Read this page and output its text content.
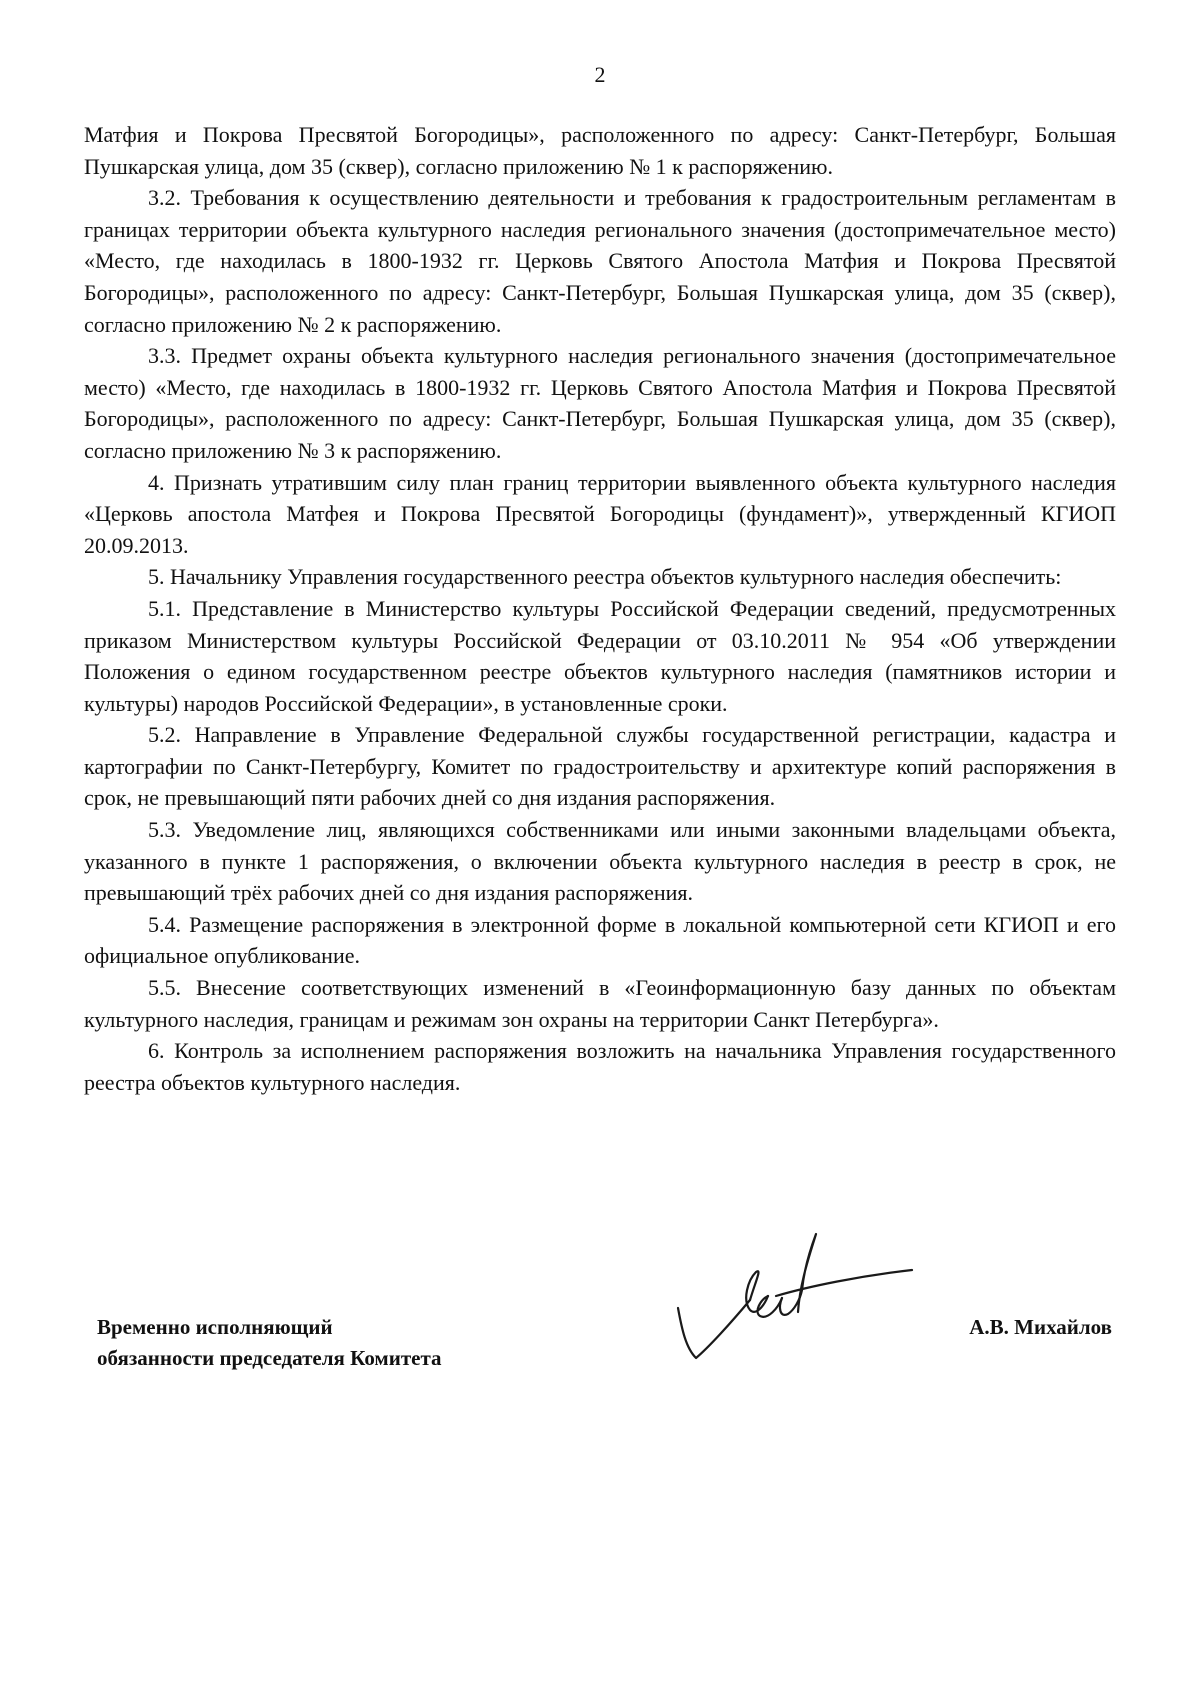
2

Матфия и Покрова Пресвятой Богородицы», расположенного по адресу: Санкт-Петербург, Большая Пушкарская улица, дом 35 (сквер), согласно приложению № 1 к распоряжению.

3.2. Требования к осуществлению деятельности и требования к градостроительным регламентам в границах территории объекта культурного наследия регионального значения (достопримечательное место) «Место, где находилась в 1800-1932 гг. Церковь Святого Апостола Матфия и Покрова Пресвятой Богородицы», расположенного по адресу: Санкт-Петербург, Большая Пушкарская улица, дом 35 (сквер), согласно приложению № 2 к распоряжению.

3.3. Предмет охраны объекта культурного наследия регионального значения (достопримечательное место) «Место, где находилась в 1800-1932 гг. Церковь Святого Апостола Матфия и Покрова Пресвятой Богородицы», расположенного по адресу: Санкт-Петербург, Большая Пушкарская улица, дом 35 (сквер), согласно приложению № 3 к распоряжению.

4. Признать утратившим силу план границ территории выявленного объекта культурного наследия «Церковь апостола Матфея и Покрова Пресвятой Богородицы (фундамент)», утвержденный КГИОП 20.09.2013.

5. Начальнику Управления государственного реестра объектов культурного наследия обеспечить:

5.1. Представление в Министерство культуры Российской Федерации сведений, предусмотренных приказом Министерством культуры Российской Федерации от 03.10.2011 № 954 «Об утверждении Положения о едином государственном реестре объектов культурного наследия (памятников истории и культуры) народов Российской Федерации», в установленные сроки.

5.2. Направление в Управление Федеральной службы государственной регистрации, кадастра и картографии по Санкт-Петербургу, Комитет по градостроительству и архитектуре копий распоряжения в срок, не превышающий пяти рабочих дней со дня издания распоряжения.

5.3. Уведомление лиц, являющихся собственниками или иными законными владельцами объекта, указанного в пункте 1 распоряжения, о включении объекта культурного наследия в реестр в срок, не превышающий трёх рабочих дней со дня издания распоряжения.

5.4. Размещение распоряжения в электронной форме в локальной компьютерной сети КГИОП и его официальное опубликование.

5.5. Внесение соответствующих изменений в «Геоинформационную базу данных по объектам культурного наследия, границам и режимам зон охраны на территории Санкт Петербурга».

6. Контроль за исполнением распоряжения возложить на начальника Управления государственного реестра объектов культурного наследия.

Временно исполняющий
обязанности председателя Комитета
А.В. Михайлов
